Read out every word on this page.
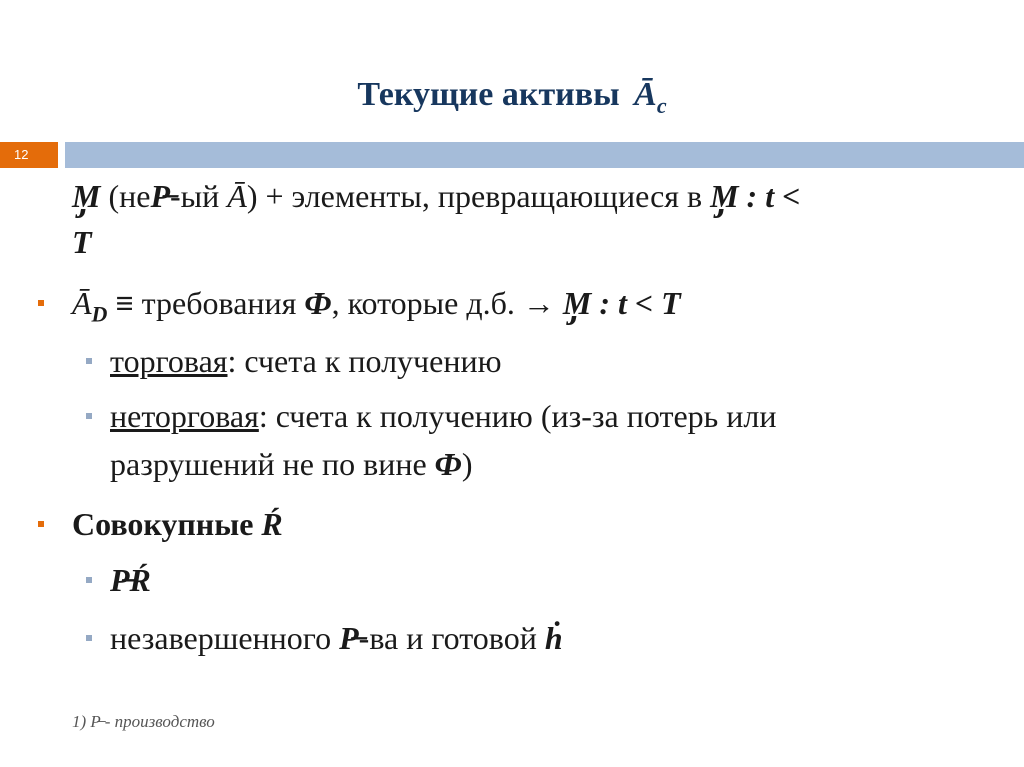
Текущие активы $Ā_c$
12
M̡ (неP̶-ый Ā) + элементы, превращающиеся в M̡ : t <
T
$Ā_D$ ≡ требования Ф, которые д.б. → M̡ : t < T
торговая: счета к получению
неторговая: счета к получению (из-за потерь или
разрушений не по вине Ф)
Совокупные Ŕ
P̶Ŕ
незавершенного P̶-ва и готовой ḣ
1) P̶ - производство
